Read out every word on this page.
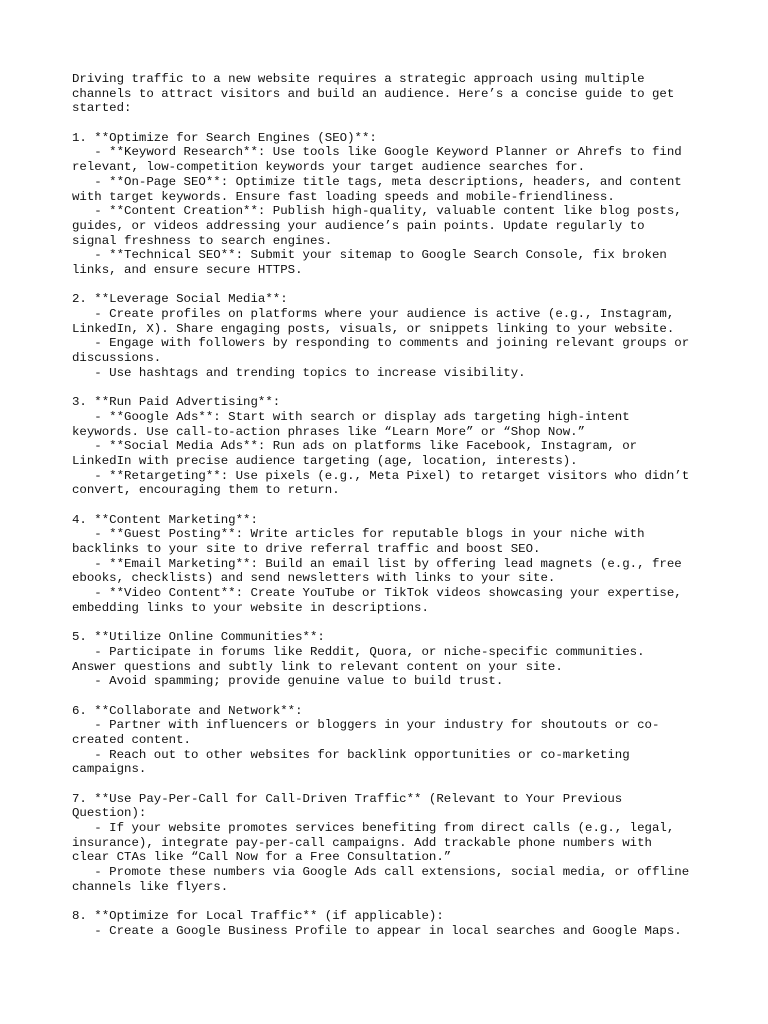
Driving traffic to a new website requires a strategic approach using multiple
channels to attract visitors and build an audience. Here’s a concise guide to get
started:
1. **Optimize for Search Engines (SEO)**:
- **Keyword Research**: Use tools like Google Keyword Planner or Ahrefs to find
relevant, low-competition keywords your target audience searches for.
- **On-Page SEO**: Optimize title tags, meta descriptions, headers, and content
with target keywords. Ensure fast loading speeds and mobile-friendliness.
- **Content Creation**: Publish high-quality, valuable content like blog posts,
guides, or videos addressing your audience’s pain points. Update regularly to
signal freshness to search engines.
- **Technical SEO**: Submit your sitemap to Google Search Console, fix broken
links, and ensure secure HTTPS.
2. **Leverage Social Media**:
- Create profiles on platforms where your audience is active (e.g., Instagram,
LinkedIn, X). Share engaging posts, visuals, or snippets linking to your website.
- Engage with followers by responding to comments and joining relevant groups or
discussions.
- Use hashtags and trending topics to increase visibility.
3. **Run Paid Advertising**:
- **Google Ads**: Start with search or display ads targeting high-intent
keywords. Use call-to-action phrases like “Learn More” or “Shop Now.”
- **Social Media Ads**: Run ads on platforms like Facebook, Instagram, or
LinkedIn with precise audience targeting (age, location, interests).
- **Retargeting**: Use pixels (e.g., Meta Pixel) to retarget visitors who didn’t
convert, encouraging them to return.
4. **Content Marketing**:
- **Guest Posting**: Write articles for reputable blogs in your niche with
backlinks to your site to drive referral traffic and boost SEO.
- **Email Marketing**: Build an email list by offering lead magnets (e.g., free
ebooks, checklists) and send newsletters with links to your site.
- **Video Content**: Create YouTube or TikTok videos showcasing your expertise,
embedding links to your website in descriptions.
5. **Utilize Online Communities**:
- Participate in forums like Reddit, Quora, or niche-specific communities.
Answer questions and subtly link to relevant content on your site.
- Avoid spamming; provide genuine value to build trust.
6. **Collaborate and Network**:
- Partner with influencers or bloggers in your industry for shoutouts or co-
created content.
- Reach out to other websites for backlink opportunities or co-marketing
campaigns.
7. **Use Pay-Per-Call for Call-Driven Traffic** (Relevant to Your Previous
Question):
- If your website promotes services benefiting from direct calls (e.g., legal,
insurance), integrate pay-per-call campaigns. Add trackable phone numbers with
clear CTAs like “Call Now for a Free Consultation.”
- Promote these numbers via Google Ads call extensions, social media, or offline
channels like flyers.
8. **Optimize for Local Traffic** (if applicable):
- Create a Google Business Profile to appear in local searches and Google Maps.
